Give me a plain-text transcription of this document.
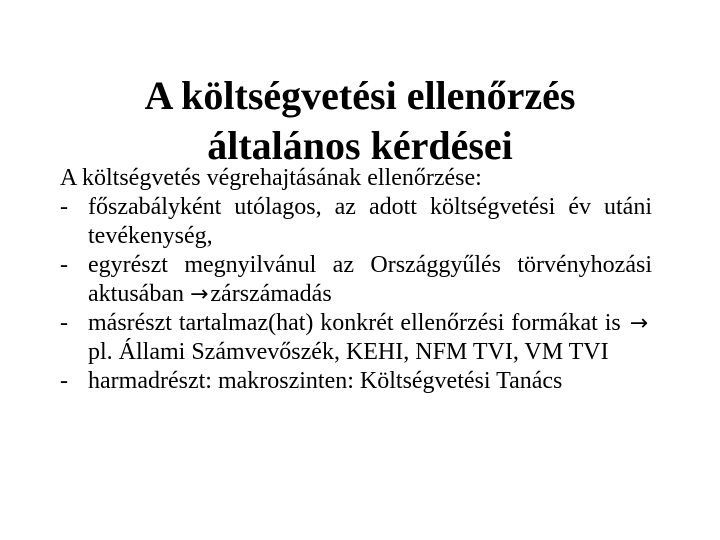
A költségvetési ellenőrzés
általános kérdései

A költségvetés végrehajtásának ellenőrzése:

- főszabályként utólagos, az adott költségvetési év utáni tevékenység,
- egyrészt megnyilvánul az Országgyűlés törvényhozási aktusában →zárszámadás
- másrészt tartalmaz(hat) konkrét ellenőrzési formákat is → pl. Állami Számvevőszék, KEHI, NFM TVI, VM TVI
- harmadrészt: makroszinten: Költségvetési Tanács
